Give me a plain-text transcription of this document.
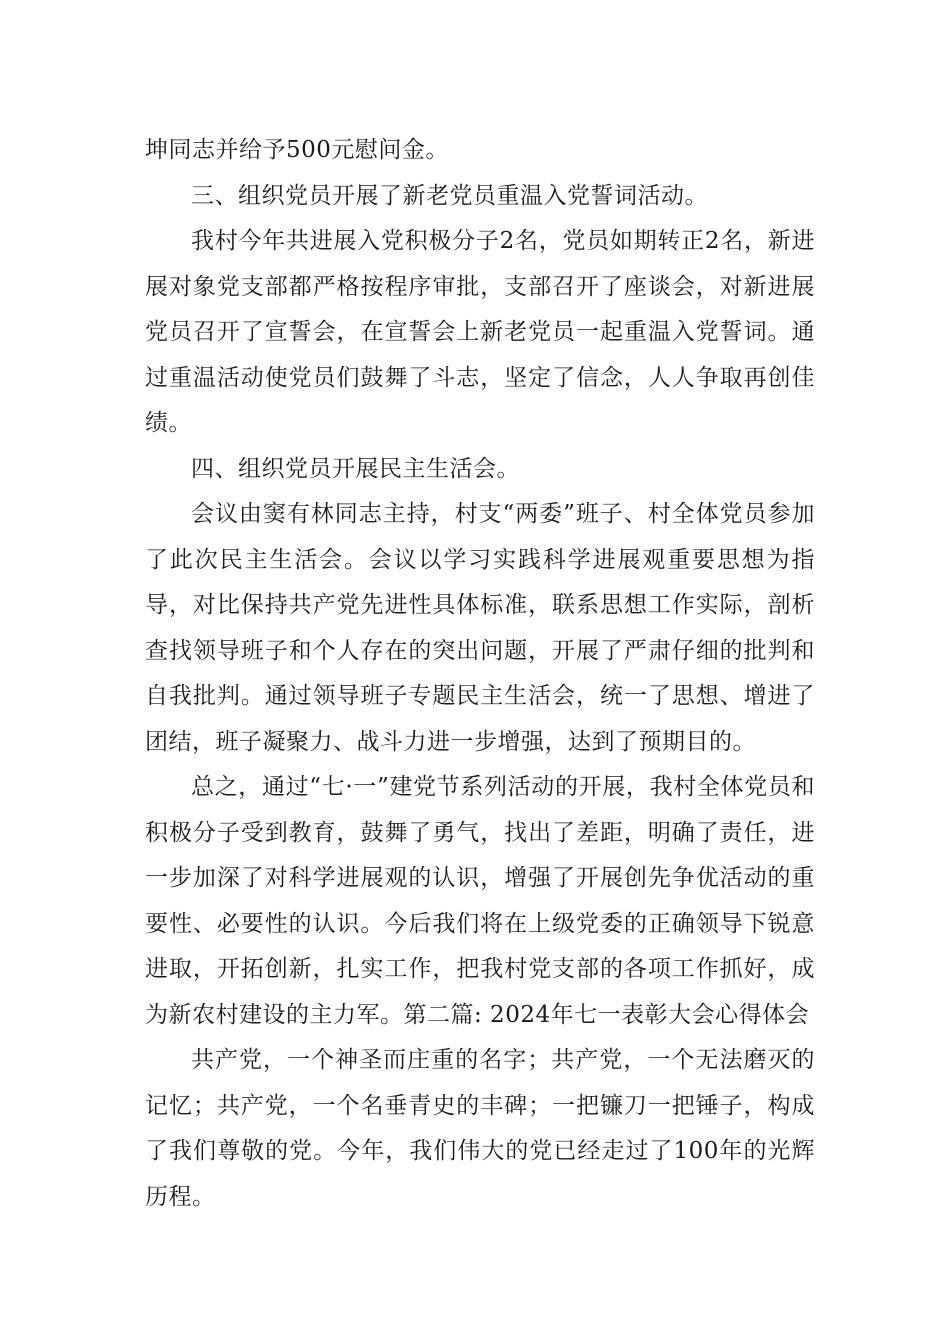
坤同志并给予500元慰问金。

三、组织党员开展了新老党员重温入党誓词活动。

我村今年共进展入党积极分子2名，党员如期转正2名，新进展对象党支部都严格按程序审批，支部召开了座谈会，对新进展党员召开了宣誓会，在宣誓会上新老党员一起重温入党誓词。通过重温活动使党员们鼓舞了斗志，坚定了信念，人人争取再创佳绩。

四、组织党员开展民主生活会。

会议由窦有林同志主持，村支“两委”班子、村全体党员参加了此次民主生活会。会议以学习实践科学进展观重要思想为指导，对比保持共产党先进性具体标准，联系思想工作实际，剖析查找领导班子和个人存在的突出问题，开展了严肃仔细的批判和自我批判。通过领导班子专题民主生活会，统一了思想、增进了团结，班子凝聚力、战斗力进一步增强，达到了预期目的。

总之，通过“七·一”建党节系列活动的开展，我村全体党员和积极分子受到教育，鼓舞了勇气，找出了差距，明确了责任，进一步加深了对科学进展观的认识，增强了开展创先争优活动的重要性、必要性的认识。今后我们将在上级党委的正确领导下锐意进取，开拓创新，扎实工作，把我村党支部的各项工作抓好，成为新农村建设的主力军。第二篇: 2024年七一表彰大会心得体会

共产党，一个神圣而庄重的名字；共产党，一个无法磨灭的记忆；共产党，一个名垂青史的丰碑；一把镰刀一把锤子，构成了我们尊敬的党。今年，我们伟大的党已经走过了100年的光辉历程。
